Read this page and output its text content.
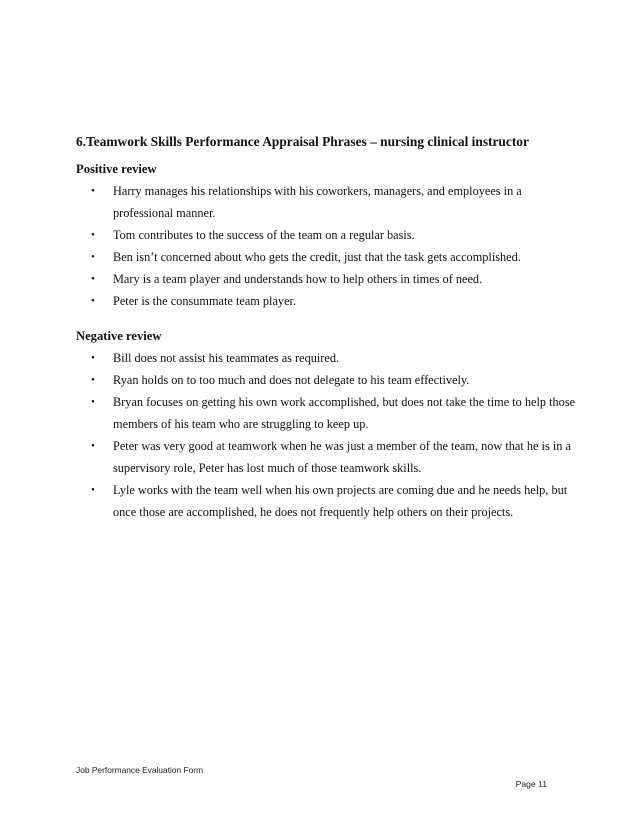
6.Teamwork Skills Performance Appraisal Phrases – nursing clinical instructor
Positive review
• Harry manages his relationships with his coworkers, managers, and employees in a professional manner.
• Tom contributes to the success of the team on a regular basis.
• Ben isn’t concerned about who gets the credit, just that the task gets accomplished.
• Mary is a team player and understands how to help others in times of need.
• Peter is the consummate team player.
Negative review
• Bill does not assist his teammates as required.
• Ryan holds on to too much and does not delegate to his team effectively.
• Bryan focuses on getting his own work accomplished, but does not take the time to help those members of his team who are struggling to keep up.
• Peter was very good at teamwork when he was just a member of the team, now that he is in a supervisory role, Peter has lost much of those teamwork skills.
• Lyle works with the team well when his own projects are coming due and he needs help, but once those are accomplished, he does not frequently help others on their projects.
Job Performance Evaluation Form
Page 11
